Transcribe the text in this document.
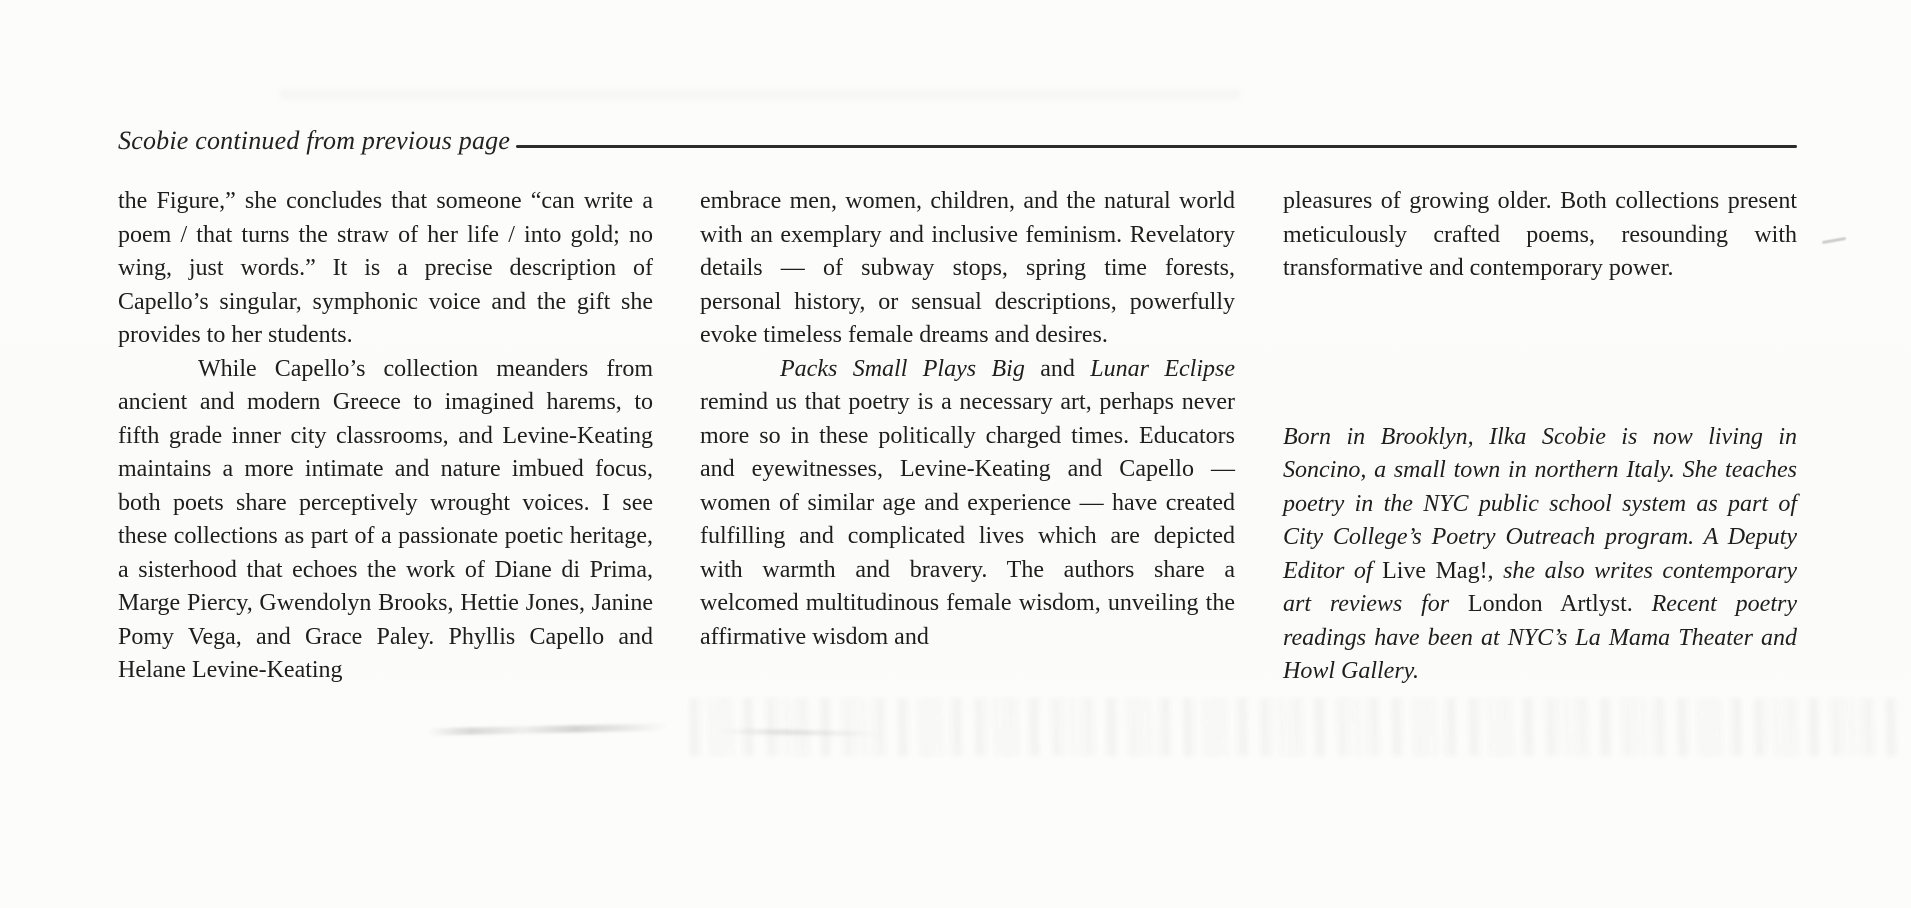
Scobie continued from previous page

the Figure,” she concludes that someone “can write a poem / that turns the straw of her life / into gold; no wing, just words.” It is a precise description of Capello’s singular, symphonic voice and the gift she provides to her students.

While Capello’s collection meanders from ancient and modern Greece to imagined harems, to fifth grade inner city classrooms, and Levine-Keating maintains a more intimate and nature imbued focus, both poets share perceptively wrought voices. I see these collections as part of a passionate poetic heritage, a sisterhood that echoes the work of Diane di Prima, Marge Piercy, Gwendolyn Brooks, Hettie Jones, Janine Pomy Vega, and Grace Paley. Phyllis Capello and Helane Levine-Keating

embrace men, women, children, and the natural world with an exemplary and inclusive feminism. Revelatory details — of subway stops, spring time forests, personal history, or sensual descriptions, powerfully evoke timeless female dreams and desires.

Packs Small Plays Big and Lunar Eclipse remind us that poetry is a necessary art, perhaps never more so in these politically charged times. Educators and eyewitnesses, Levine-Keating and Capello — women of similar age and experience — have created fulfilling and complicated lives which are depicted with warmth and bravery. The authors share a welcomed multitudinous female wisdom, unveiling the affirmative wisdom and

pleasures of growing older. Both collections present meticulously crafted poems, resounding with transformative and contemporary power.

Born in Brooklyn, Ilka Scobie is now living in Soncino, a small town in northern Italy. She teaches poetry in the NYC public school system as part of City College’s Poetry Outreach program. A Deputy Editor of Live Mag!, she also writes contemporary art reviews for London Artlyst. Recent poetry readings have been at NYC’s La Mama Theater and Howl Gallery.
